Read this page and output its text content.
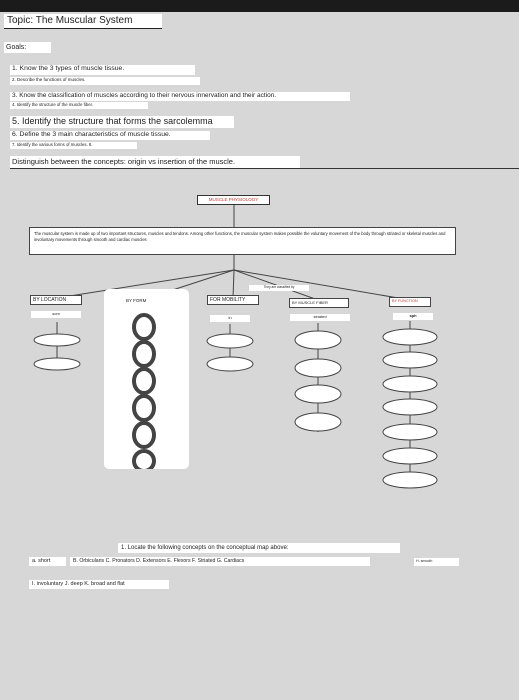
Topic: The Muscular System
Goals:
1. Know the 3 types of muscle tissue.
2. Describe the functions of muscles.
3. Know the classification of muscles according to their nervous innervation and their action.
4. Identify the structure of the muscle fiber.
5. Identify the structure that forms the sarcolemma
6. Define the 3 main characteristics of muscle tissue.
7. Identify the various forms of muscles. 8.
Distinguish between the concepts: origin vs insertion of the muscle.
MUSCLE PHYSIOLOGY
The muscular system is made up of two important structures, muscles and tendons. Among other functions, the muscular system makes possible the voluntary movement of the body through striated or skeletal muscles and involuntary movements through smooth and cardiac muscles
They are classified by
BY LOCATION	BY FORM	FOR MOBILITY	BY MUSCLE FIBER	BY FUNCTION
som
in	striated	sph
1. Locate the following concepts on the conceptual map above:
a. short	B. Orbicularis C. Pronators D. Extensors E. Flexors F. Striated G. Cardiacs	H. smooth
I. involuntary J. deep K. broad and flat
